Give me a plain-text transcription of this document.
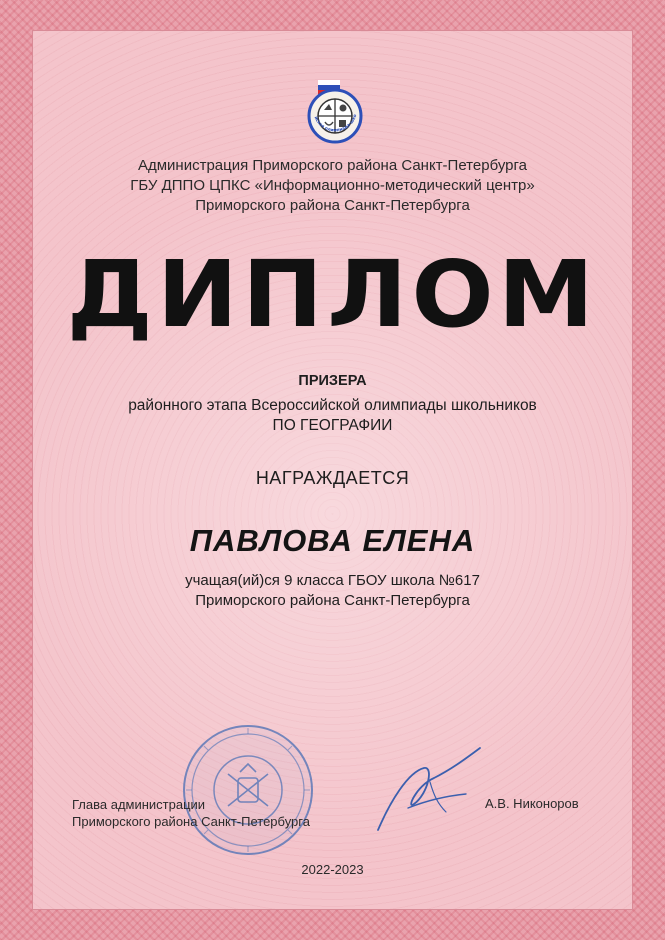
йская олимпиада шко
Администрация Приморского района Санкт-Петербурга
ГБУ ДППО ЦПКС «Информационно-методический центр»
Приморского района Санкт-Петербурга
ДИПЛОМ
ПРИЗЕРА
районного этапа Всероссийской олимпиады школьников
ПО ГЕОГРАФИИ
НАГРАЖДАЕТСЯ
ПАВЛОВА ЕЛЕНА
учащая(ий)ся 9 класса ГБОУ школа №617
Приморского района Санкт-Петербурга
Глава администрации
Приморского района Санкт-Петербурга
А.В. Никоноров
2022-2023
